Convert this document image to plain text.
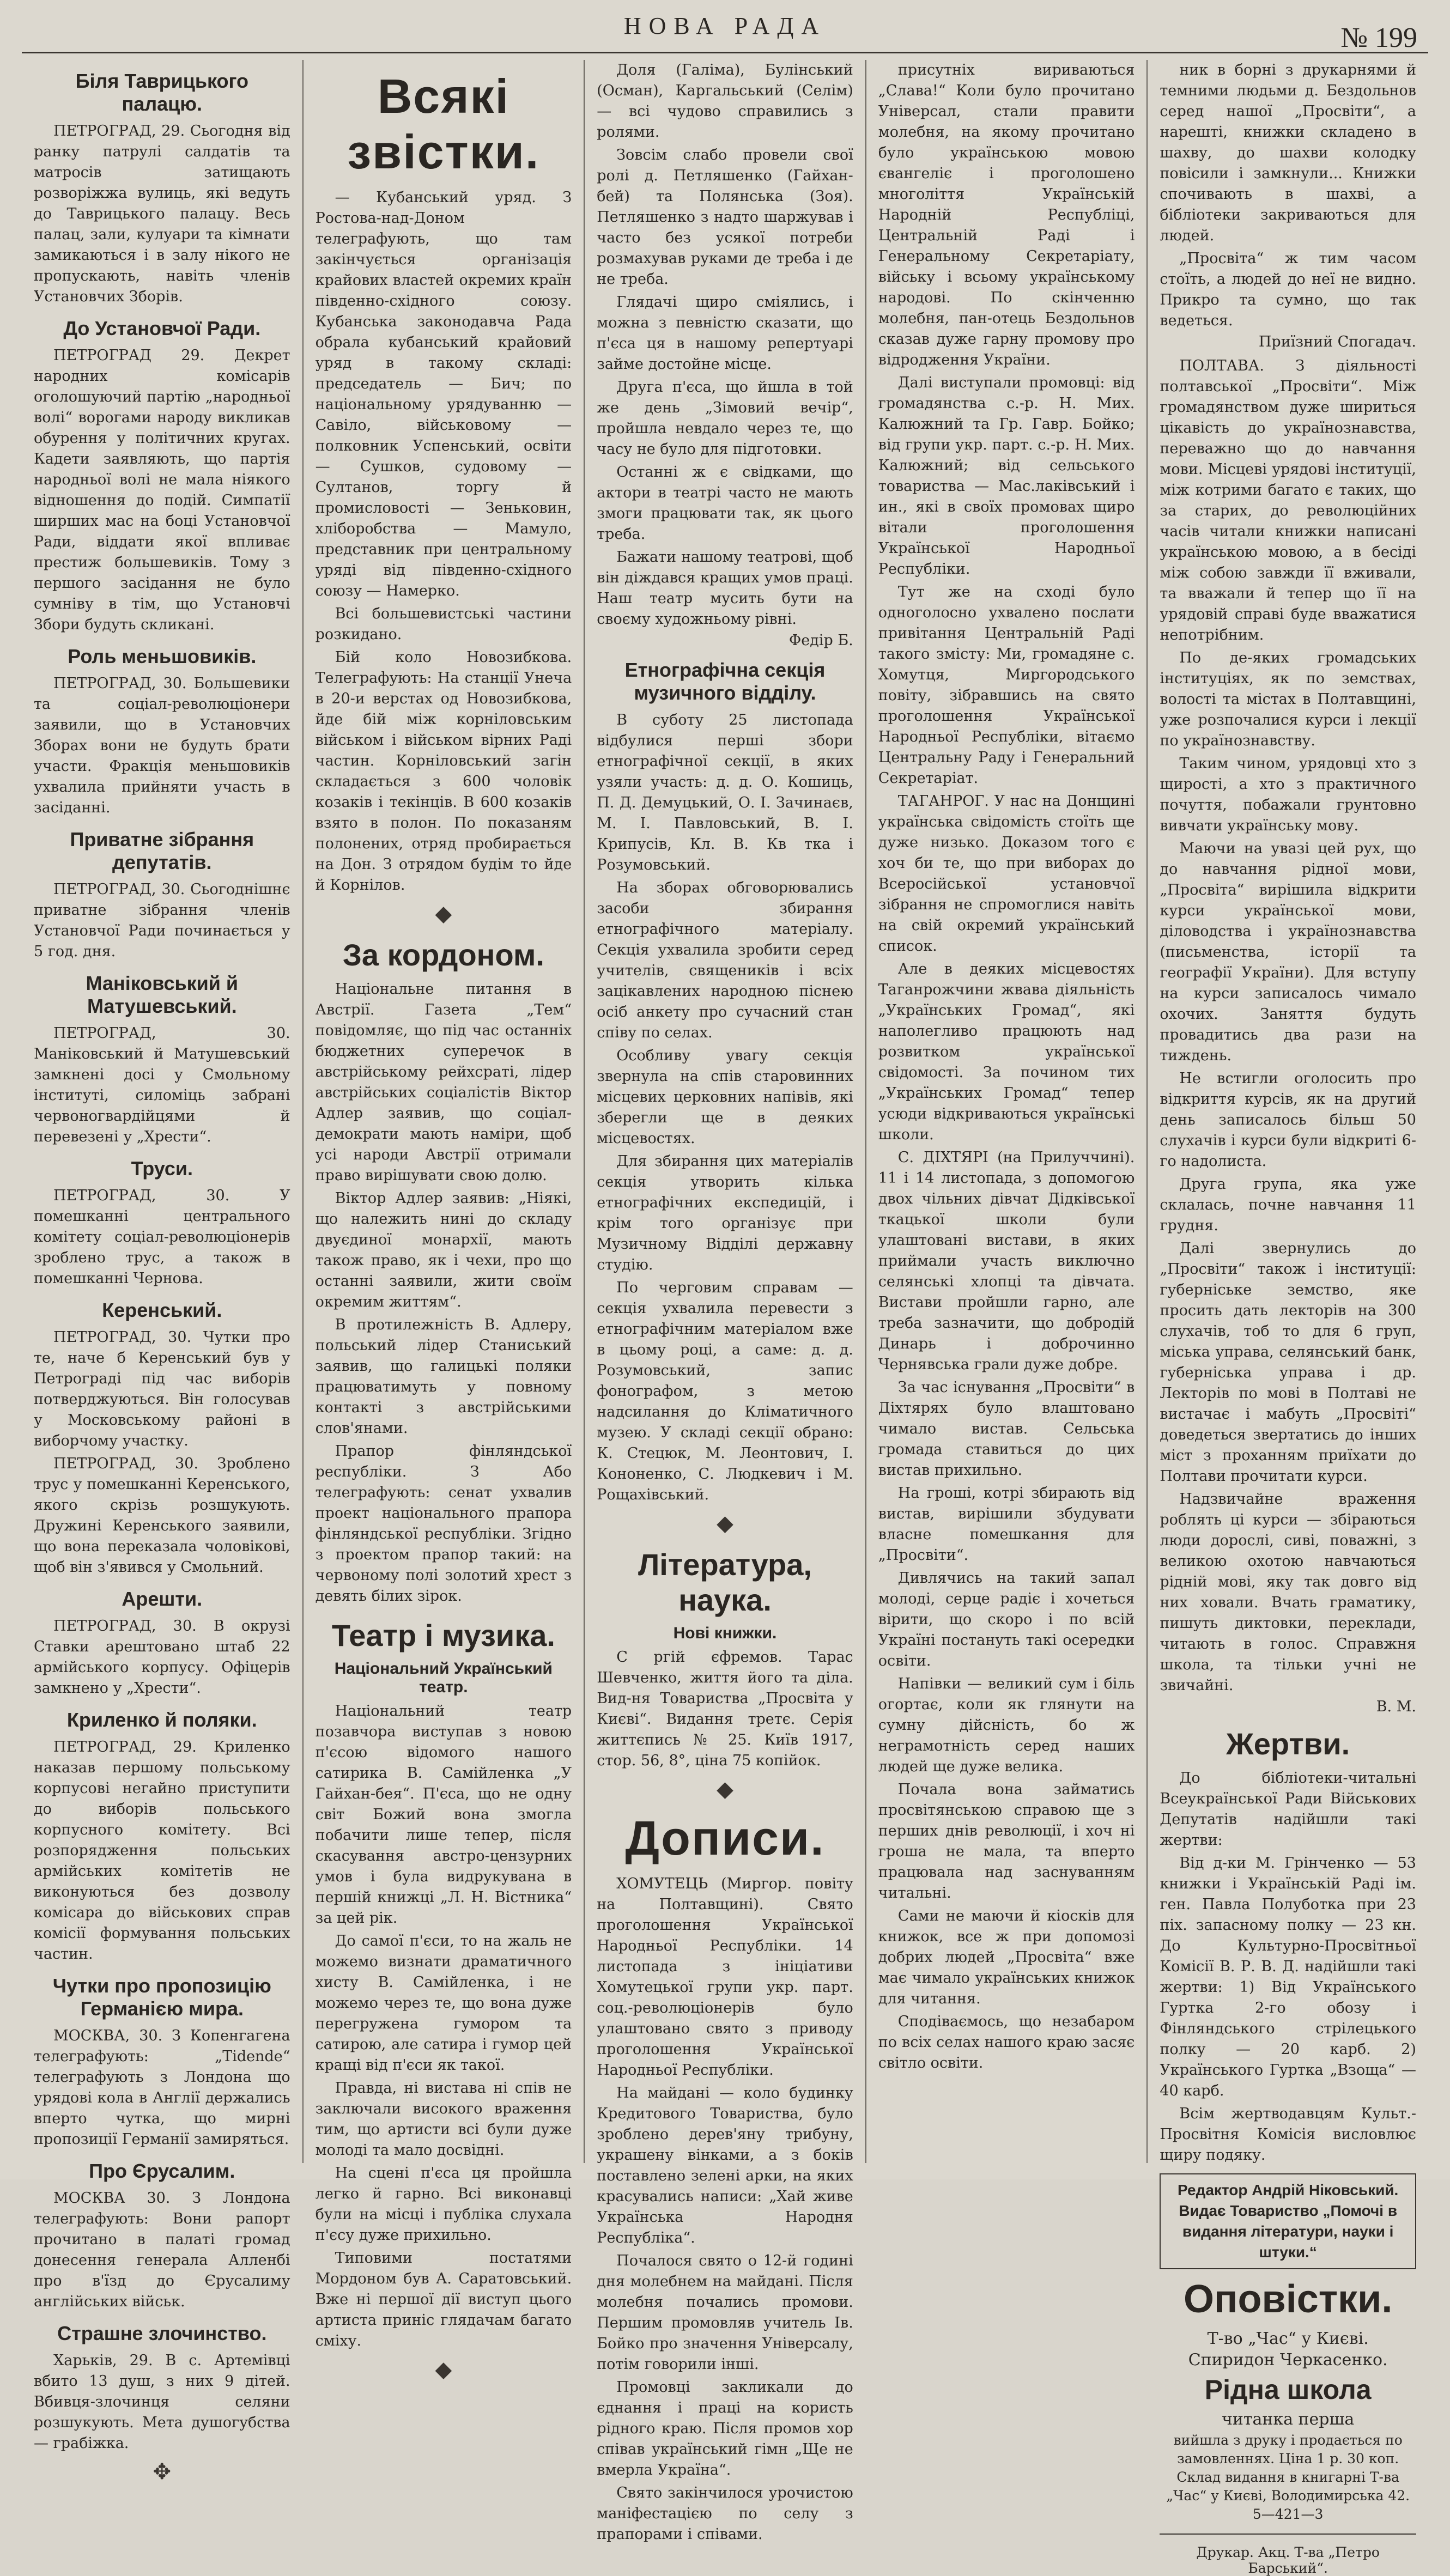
НОВА РАДА	№ 199
Біля Таврицького палацю.

ПЕТРОГРАД, 29. Сьогодня від ранку патрулі салдатів та матросів затищають розвоpіжжа вулиць, які ведуть до Таврицького палацу. Весь палац, зали, кулуари та кімнати замикаються і в залу нікого не пропускають, навіть членів Установчих Зборів.

До Установчої Ради.

ПЕТРОГРАД 29. Декрет народних комісарів оголошуючий партію „народньої волі“ ворогами народу викликав обурення у політичних кругах. Кадети заявляють, що партія народньої волі не мала ніякого відношення до подій. Симпатії ширших мас на боці Установчої Ради, віддати якої впливає престиж большевиків. Тому з першого засідання не було сумніву в тім, що Установчі Збори будуть скликані.

Роль меньшовиків.

ПЕТРОГРАД, 30. Большевики та соціал-революціонери заявили, що в Установчих Зборах вони не будуть брати участи. Фракція меньшовиків ухвалила прийняти участь в засіданні.

Приватне зібрання депутатів.

ПЕТРОГРАД, 30. Сьогоднішнє приватне зібрання членів Установчої Ради починається у 5 год. дня.

Маніковський й Матушевський.

ПЕТРОГРАД, 30. Маніковський й Матушевський замкнені досі у Смольному інституті, силоміць забрані червоногвардійцями й перевезені у „Хрести“.

Труси.

ПЕТРОГРАД, 30. У помешканні центрального комітету соціал-революціонерів зроблено трус, а також в помешканні Чернова.

Керенський.

ПЕТРОГРАД, 30. Чутки про те, наче б Керенський був у Петрограді під час виборів потверджуються. Він голосував у Московському районі в виборчому участку.

ПЕТРОГРАД, 30. Зроблено трус у помешканні Керенського, якого скрізь розшукують. Дружині Керенського заявили, що вона переказала чоловікові, щоб він з'явився у Смольний.

Арешти.

ПЕТРОГРАД, 30. В окрузі Ставки арештовано штаб 22 армійського корпусу. Офіцерів замкнено у „Хрести“.

Криленко й поляки.

ПЕТРОГРАД, 29. Криленко наказав першому польському корпусові негайно приступити до виборів польського корпусного комітету. Всі розпорядження польських армійських комітетів не виконуються без дозволу комісара до військових справ комісії формування польських частин.

Чутки про пропозицію Германією мира.

МОСКВА, 30. З Копенгагена телеграфують: „Tidende“ телеграфують з Лондона що урядові кола в Англії держались вперто чутка, що мирні пропозиції Германії замиряться.

Про Єрусалим.

МОСКВА 30. З Лондона телеграфують: Вони рапорт прочитано в палаті громад донесення генерала Алленбі про в'їзд до Єрусалиму англійських військ.

Страшне злочинство.

Харьків, 29. В с. Артемівці вбито 13 душ, з них 9 дітей. Вбивця-злочинця селяни розшукують. Мета душогубства — грабіжка.

✥
Всякі звістки.

— Кубанський уряд. З Ростова-над-Доном телеграфують, що там закінчується організація крайових властей окремих країн південно-східного союзу. Кубанська законодавча Рада обрала кубанський крайовий уряд в такому складі: председатель — Бич; по національному урядуванню — Савіло, військовому — полковник Успенський, освіти — Сушков, судовому — Султанов, торгу й промисловості — Зеньковин, хліборобства — Мамуло, представник при центральному уряді від південно-східного союзу — Намерко.

Всі большевистські частини розкидано.

Бій коло Новозибкова. Телеграфують: На станції Унеча в 20-и верстах од Новозибкова, йде бій між корніловським військом і військом вірних Раді частин. Корніловський загін складається з 600 чоловік козаків і текінців. В 600 козаків взято в полон. По показаням полонених, отряд пробирається на Дон. З отрядом будім то йде й Корнілов.

◆
За кордоном.

Національне питання в Австрії. Газета „Тем“ повідомляє, що під час останніх бюджетних суперечок в австрійському рейхсраті, лідер австрійських соціалістів Віктор Адлер заявив, що соціал-демократи мають наміри, щоб усі народи Австрії отримали право вирішувати свою долю.

Віктор Адлер заявив: „Ніякі, що належить нині до складу двуєдиної монархії, мають також право, як і чехи, про що останні заявили, жити своїм окремим життям“.

В протилежність В. Адлеру, польський лідер Станиський заявив, що галицькі поляки працюватимуть у повному контакті з австрійськими слов'янами.

Прапор фінляндської республіки. З Або телеграфують: сенат ухвалив проект національного прапора фінляндської республіки. Згідно з проектом прапор такий: на червоному полі золотий хрест з девять білих зірок.

Театр і музика.
Національний Український театр.

Національний театр позавчора виступав з новою п'єсою відомого нашого сатирика В. Самійленка „У Гайхан-бея“. П'єса, що не одну світ Божий вона змогла побачити лише тепер, після скасування австро-цензурних умов і була видрукувана в першій книжці „Л. Н. Вістника“ за цей рік.

До самої п'єси, то на жаль не можемо визнати драматичного хисту В. Самійленка, і не можемо через те, що вона дуже перегружена гумором та сатирою, але сатира і гумор цей кращі від п'єси як такої.

Правда, ні вистава ні спів не заключали високого враження тим, що артисти всі були дуже молоді та мало досвідні.

На сцені п'єса ця пройшла легко й гарно. Всі виконавці були на місці і публіка слухала п'єсу дуже прихильно.

Типовими постатями Мордоном був А. Саратовський. Вже ні першої дії виступ цього артиста приніс глядачам багато сміху.

◆

Доля (Галіма), Булінський (Осман), Каргальський (Селім) — всі чудово справились з ролями.

Зовсім слабо провели свої ролі д. Петляшенко (Гайхан-бей) та Полянська (Зоя). Петляшенко з надто шаржував і часто без усякої потреби розмахував руками де треба і де не треба.

Глядачі щиро сміялись, і можна з певністю сказати, що п'єса ця в нашому репертуарі займе достойне місце.

Друга п'єса, що йшла в той же день „Зімовий вечір“, пройшла невдало через те, що часу не було для підготовки.

Останні ж є свідками, що актори в театрі часто не мають змоги працювати так, як цього треба.

Бажати нашому театрові, щоб він діждався кращих умов праці. Наш театр мусить бути на своєму художньому рівні.

Федір Б.
Етнографічна секція музичного відділу.

В суботу 25 листопада відбулися перші збори етнографічної секції, в яких узяли участь: д. д. О. Кошиць, П. Д. Демуцький, О. І. Зачинаєв, М. І. Павловський, В. І. Крипусів, Кл. В. Кв тка і Розумовський.

На зборах обговорювались засоби збирання етнографічного матеріалу. Секція ухвалила зробити серед учителів, священиків і всіх зацікавлених народною піснею осіб анкету про сучасний стан співу по селах.

Особливу увагу секція звернула на спів старовинних місцевих церковних напівів, які зберегли ще в деяких місцевостях.

Для збирання цих матеріалів секція утворить кілька етнографічних експедицій, і крім того організує при Музичному Відділі державну студію.

По черговим справам — секція ухвалила перевести з етнографічним матеріалом вже в цьому році, а саме: д. д. Розумовський, запис фонографом, з метою надсилання до Кліматичного музею. У складі секції обрано: К. Стецюк, М. Леонтович, І. Кононенко, С. Людкевич і М. Рощахівський.

◆
Література, наука.
Нові книжки.

С ргій єфремов. Тарас Шевченко, життя його та діла. Вид-ня Товариства „Просвіта у Києві“. Видання третє. Серія життєпись № 25. Київ 1917, стор. 56, 8°, ціна 75 копійок.

◆
Дописи.

ХОМУТЕЦЬ (Миргор. повіту на Полтавщині). Свято проголошення Української Народньої Республіки. 14 листопада з ініціативи Хомутецької групи укр. парт. соц.-революціонерів було улаштовано свято з приводу проголошення Української Народньої Республіки.

На майдані — коло будинку Кредитового Товариства, було зроблено дерев'яну трибуну, украшену вінками, а з боків поставлено зелені арки, на яких красувались написи: „Хай живе Українська Народня Республіка“.

Почалося свято о 12-й годині дня молебнем на майдані. Після молебня почались промови. Першим промовляв учитель Ів. Бойко про значення Універсалу, потім говорили інші.

Промовці закликали до єднання і праці на користь рідного краю. Після промов хор співав український гімн „Ще не вмерла Україна“.

Свято закінчилося урочистою маніфестацією по селу з прапорами і співами.

присутніх вириваються „Слава!“ Коли було прочитано Універсал, стали правити молебня, на якому прочитано було українською мовою євангеліє і проголошено многоліття Українській Народній Республіці, Центральній Раді і Генеральному Секретаріату, війську і всьому українському народові. По скінченню молебня, пан-отець Бездольнов сказав дуже гарну промову про відродження України.

Далі виступали промовці: від громадянства с.-р. Н. Мих. Калюжний та Гр. Гавр. Бойко; від групи укр. парт. с.-р. Н. Мих. Калюжний; від сельського товариства — Мас.лаківський і ин., які в своїх промовах щиро вітали проголошення Української Народньої Республіки.

Тут же на сході було одноголосно ухвалено послати привітання Центральній Раді такого змісту: Ми, громадяне с. Хомутця, Миргородського повіту, зібравшись на свято проголошення Української Народньої Республіки, вітаємо Центральну Раду і Генеральний Секретаріат.

ТАГАНРОГ. У нас на Донщині українська свідомість стоїть ще дуже низько. Доказом того є хоч би те, що при виборах до Всеросійської установчої зібрання не спромоглися навіть на свій окремий український список.

Але в деяких місцевостях Таганрожчини жвава діяльність „Українських Громад“, які наполегливо працюють над розвитком української свідомості. За почином тих „Українських Громад“ тепер усюди відкриваються українські школи.

С. ДІХТЯРІ (на Прилуччині). 11 і 14 листопада, з допомогою двох чільних дівчат Дідківської ткацької школи були улаштовані вистави, в яких приймали участь виключно селянські хлопці та дівчата. Вистави пройшли гарно, але треба зазначити, що добродій Динарь і доброчинно Чернявська грали дуже добре.

За час існування „Просвіти“ в Діхтярях було влаштовано чимало вистав. Сельська громада ставиться до цих вистав прихильно.

На гроші, котрі збирають від вистав, вирішили збудувати власне помешкання для „Просвіти“.

Дивлячись на такий запал молоді, серце радіє і хочеться вірити, що скоро і по всій Україні постануть такі осередки освіти.

Напівки — великий сум і біль огортає, коли як глянути на сумну дійсність, бо ж неграмотність серед наших людей ще дуже велика.

Почала вона займатись просвітянською справою ще з перших днів революції, і хоч ні гроша не мала, та вперто працювала над заснуванням читальні.

Сами не маючи й кіосків для книжок, все ж при допомозі добрих людей „Просвіта“ вже має чимало українських книжок для читання.

Сподіваємось, що незабаром по всіх селах нашого краю засяє світло освіти.

ник в борні з друкарнями й темними людьми д. Бездольнов серед нашої „Просвіти“, а нарешті, книжки складено в шахву, до шахви колодку повісили і замкнули... Книжки спочивають в шахві, а бібліотеки закриваються для людей.

„Просвіта“ ж тим часом стоїть, а людей до неї не видно. Прикро та сумно, що так ведеться.

Приїзний Спогадач.

ПОЛТАВА. З діяльності полтавської „Просвіти“. Між громадянством дуже шириться цікавість до українознавства, переважно що до навчання мови. Місцеві урядові інституції, між котрими багато є таких, що за старих, до революційних часів читали книжки написані українською мовою, а в бесіді між собою завжди її вживали, та вважали й тепер що її на урядовій справі буде вважатися непотрібним.

По де-яких громадських інституціях, як по земствах, волості та містах в Полтавщині, уже розпочалися курси і лекції по українознавству.

Таким чином, урядовці хто з щирості, а хто з практичного почуття, побажали грунтовно вивчати українську мову.

Маючи на увазі цей рух, що до навчання рідної мови, „Просвіта“ вирішила відкрити курси української мови, діловодства і українознавства (письменства, історії та географії України). Для вступу на курси записалось чимало охочих. Заняття будуть провадитись два рази на тиждень.

Не встигли оголосить про відкриття курсів, як на другий день записалось більш 50 слухачів і курси були відкриті 6-го надолиста.

Друга група, яка уже склалась, почне навчання 11 грудня.

Далі звернулись до „Просвіти“ також і інституції: губерніське земство, яке просить дать лекторів на 300 слухачів, тоб то для 6 груп, міська управа, селянський банк, губерніська управа і др. Лекторів по мові в Полтаві не вистачає і мабуть „Просвіті“ доведеться звертатись до інших міст з проханням приїхати до Полтави прочитати курси.

Надзвичайне враження роблять ці курси — збіраються люди дорослі, сиві, поважні, з великою охотою навчаються рідній мові, яку так довго від них ховали. Вчать граматику, пишуть диктовки, переклади, читають в голос. Справжня школа, та тільки учні не звичайні.

В. М.
Жертви.

До бібліотеки-читальні Всеукраїнської Ради Військових Депутатів надійшли такі жертви:

Від д-ки М. Грінченко — 53 книжки і Українській Раді ім. ген. Павла Полуботка при 23 піх. запасному полку — 23 кн. До Культурно-Просвітньої Комісії В. Р. В. Д. надійшли такі жертви: 1) Від Українського Гуртка 2-го обозу і Фінляндського стрілецького полку — 20 карб. 2) Українського Гуртка „Взоща“ — 40 карб.

Всім жертводавцям Культ.-Просвітня Комісія висловлює щиру подяку.

Редактор Андрій Ніковський.
Видає Товариство „Помочі в видання літератури, науки і штуки.“
Оповістки.
Т-во „Час“ у Києві.
Спиридон Черкасенко.
Рідна школа
читанка перша
вийшла з друку і продається по замовленнях. Ціна 1 р. 30 коп. Склад видання в книгарні Т-ва „Час“ у Києві, Володимирська 42. 5—421—3
Друкар. Акц. Т-ва „Петро Барський“.
